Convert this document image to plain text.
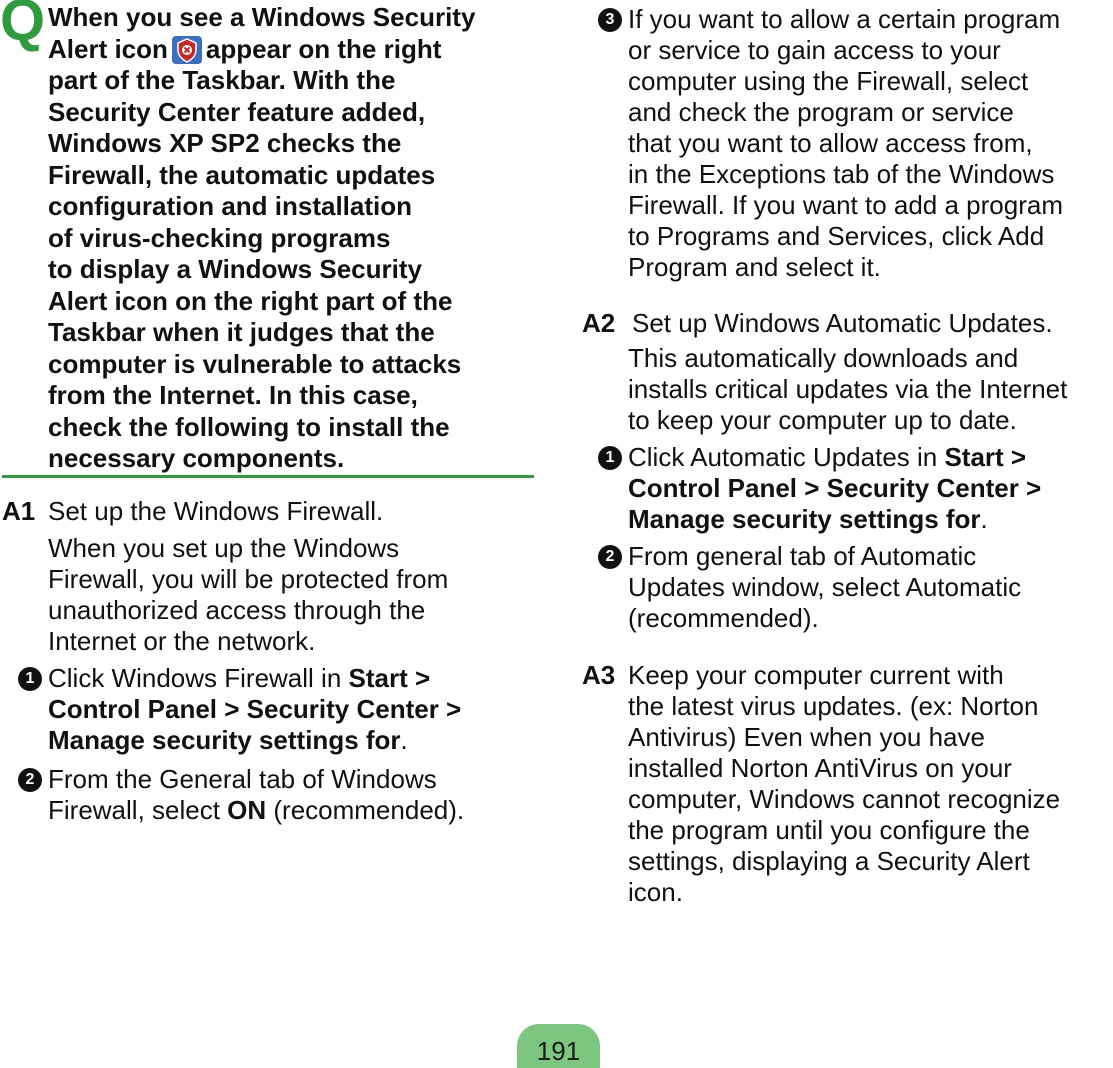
Q When you see a Windows Security
Alert icon appear on the right
part of the Taskbar. With the
Security Center feature added,
Windows XP SP2 checks the
Firewall, the automatic updates
configuration and installation
of virus-checking programs
to display a Windows Security
Alert icon on the right part of the
Taskbar when it judges that the
computer is vulnerable to attacks
from the Internet. In this case,
check the following to install the
necessary components.
A1 Set up the Windows Firewall.
When you set up the Windows
Firewall, you will be protected from
unauthorized access through the
Internet or the network.
1 Click Windows Firewall in Start >
Control Panel > Security Center >
Manage security settings for.
2 From the General tab of Windows
Firewall, select ON (recommended).
3 If you want to allow a certain program
or service to gain access to your
computer using the Firewall, select
and check the program or service
that you want to allow access from,
in the Exceptions tab of the Windows
Firewall. If you want to add a program
to Programs and Services, click Add
Program and select it.
A2 Set up Windows Automatic Updates.
This automatically downloads and
installs critical updates via the Internet
to keep your computer up to date.
1 Click Automatic Updates in Start >
Control Panel > Security Center >
Manage security settings for.
2 From general tab of Automatic
Updates window, select Automatic
(recommended).
A3 Keep your computer current with
the latest virus updates. (ex: Norton
Antivirus) Even when you have
installed Norton AntiVirus on your
computer, Windows cannot recognize
the program until you configure the
settings, displaying a Security Alert
icon.
191
